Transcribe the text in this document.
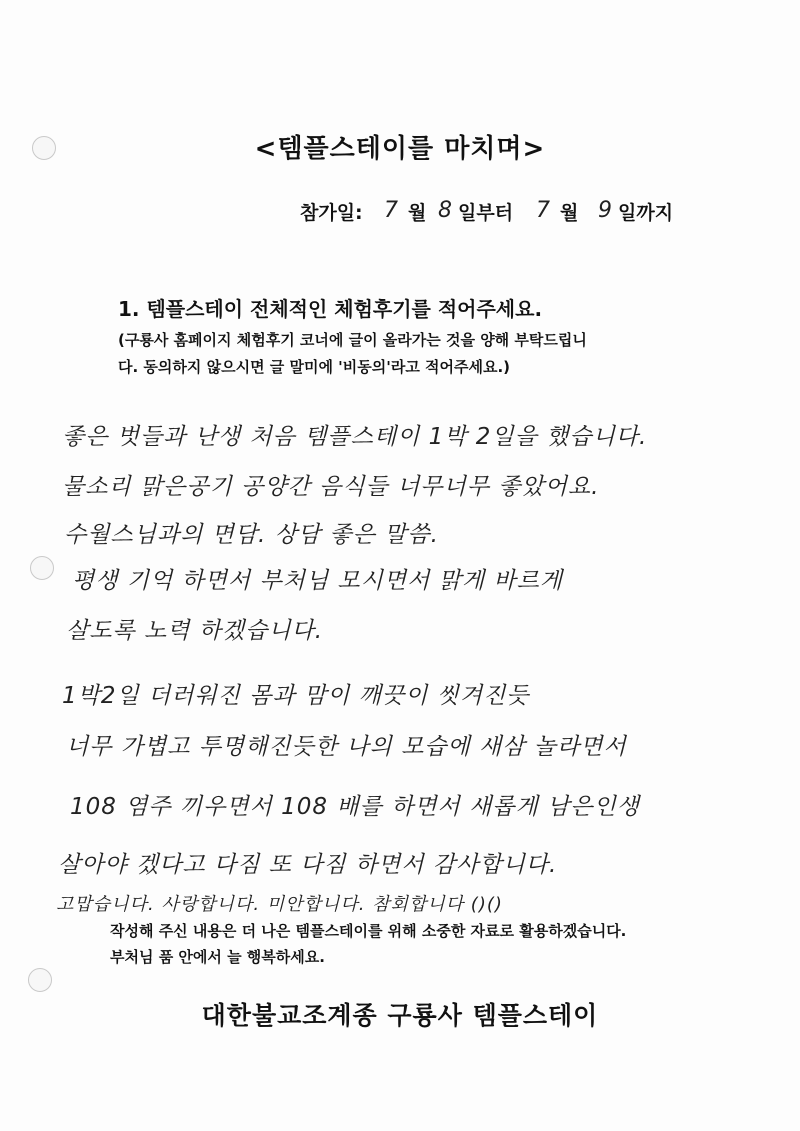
<템플스테이를 마치며>
참가일: 7 월 8 일부터 7 월 9 일까지
1. 템플스테이 전체적인 체험후기를 적어주세요.
(구룡사 홈페이지 체험후기 코너에 글이 올라가는 것을 양해 부탁드립니
다. 동의하지 않으시면 글 말미에 '비동의'라고 적어주세요.)
좋은 벗들과 난생 처음 템플스테이 1박 2일을 했습니다.
물소리 맑은공기 공양간 음식들 너무너무 좋았어요.
수월스님과의 면담. 상담 좋은 말씀.
평생 기억 하면서 부처님 모시면서 맑게 바르게
살도록 노력 하겠습니다.
1박2일 더러워진 몸과 맘이 깨끗이 씻겨진듯
너무 가볍고 투명해진듯한 나의 모습에 새삼 놀라면서
108 염주 끼우면서 108 배를 하면서 새롭게 남은인생
살아야 겠다고 다짐 또 다짐 하면서 감사합니다.
고맙습니다. 사랑합니다. 미안합니다. 참회합니다 ()()
작성해 주신 내용은 더 나은 템플스테이를 위해 소중한 자료로 활용하겠습니다.
부처님 품 안에서 늘 행복하세요.
대한불교조계종 구룡사 템플스테이
